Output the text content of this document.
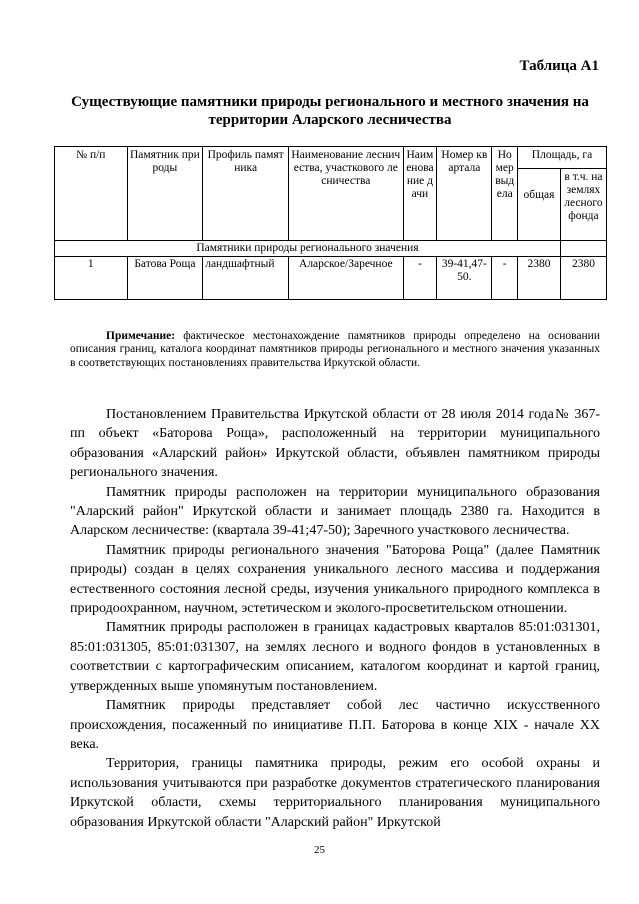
Таблица А1
Существующие памятники природы регионального и местного значения на территории Аларского лесничества
№ п/п	Памятник природы	Профиль памятника	Наименование лесничества, участкового лесничества	Наименование дачи	Номер квартала	Номер выдела	Площадь, га	
							общая	в т.ч. на землях лесного фонда
Памятники природы регионального значения								
1	Батова Роща	ландшафтный	Аларское/Заречное	-	39-41,47-50.	-	2380	2380
Примечание: фактическое местонахождение памятников природы определено на основании описания границ, каталога координат памятников природы регионального и местного значения указанных в соответствующих постановлениях правительства Иркутской области.

Постановлением Правительства Иркутской области от 28 июля 2014 года№ 367-пп объект «Баторова Роща», расположенный на территории муниципального образования «Аларский район» Иркутской области, объявлен памятником природы регионального значения.

Памятник природы расположен на территории муниципального образования "Аларский район" Иркутской области и занимает площадь 2380 га. Находится в Аларском лесничестве: (квартала 39-41;47-50); Заречного участкового лесничества.

Памятник природы регионального значения "Баторова Роща" (далее Памятник природы) создан в целях сохранения уникального лесного массива и поддержания естественного состояния лесной среды, изучения уникального природного комплекса в природоохранном, научном, эстетическом и эколого-просветительском отношении.

Памятник природы расположен в границах кадастровых кварталов 85:01:031301, 85:01:031305, 85:01:031307, на землях лесного и водного фондов в установленных в соответствии с картографическим описанием, каталогом координат и картой границ, утвержденных выше упомянутым постановлением.

Памятник природы представляет собой лес частично искусственного происхождения, посаженный по инициативе П.П. Баторова в конце XIX - начале XX века.

Территория, границы памятника природы, режим его особой охраны и использования учитываются при разработке документов стратегического планирования Иркутской области, схемы территориального планирования муниципального образования Иркутской области "Аларский район" Иркутской

25
